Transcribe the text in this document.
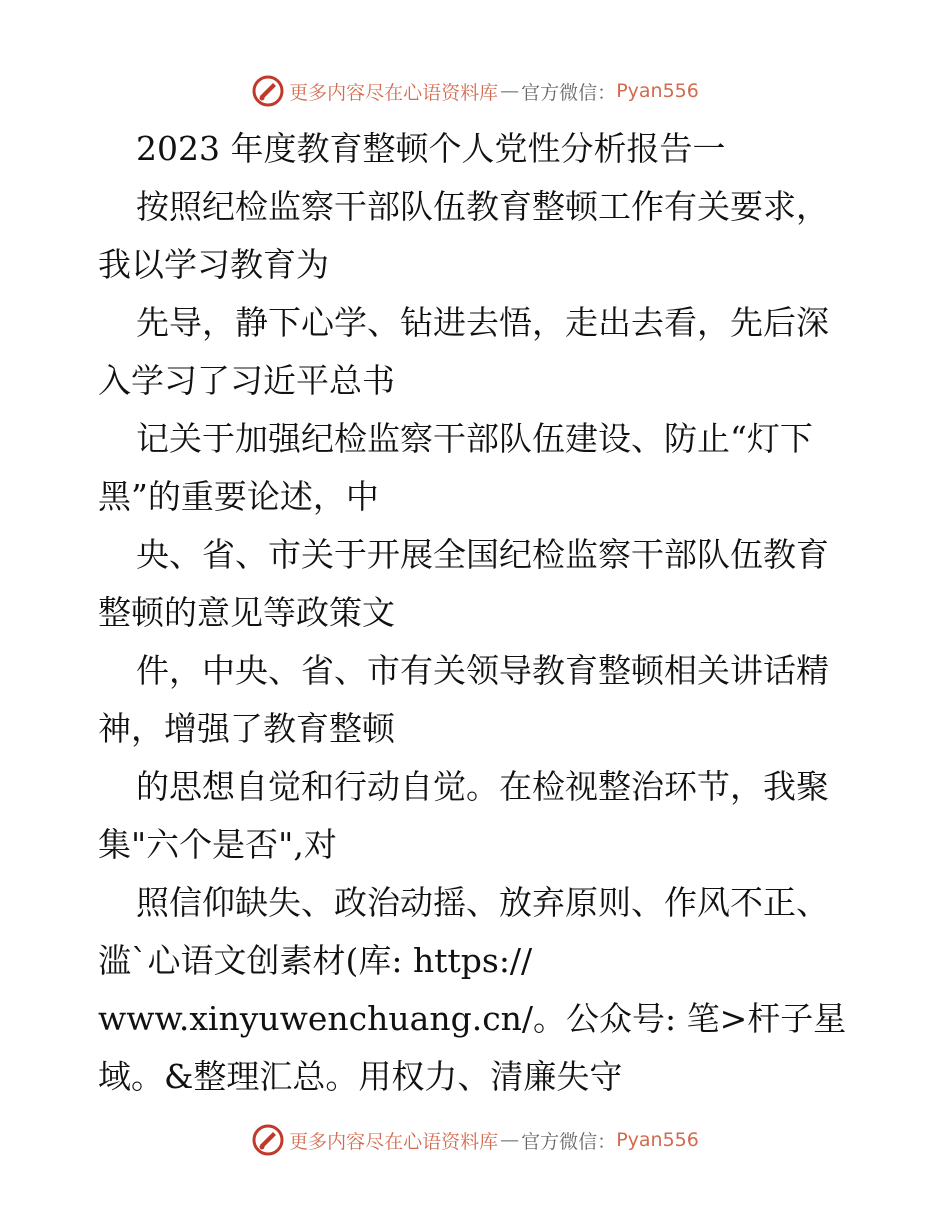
更多内容尽在心语资料库 — 官方微信： Pyan556
2023 年度教育整顿个人党性分析报告一
按照纪检监察干部队伍教育整顿工作有关要求，
我以学习教育为
先导，静下心学、钻进去悟，走出去看，先后深
入学习了习近平总书
记关于加强纪检监察干部队伍建设、防止“灯下
黑”的重要论述，中
央、省、市关于开展全国纪检监察干部队伍教育
整顿的意见等政策文
件，中央、省、市有关领导教育整顿相关讲话精
神，增强了教育整顿
的思想自觉和行动自觉。在检视整治环节，我聚
集"六个是否",对
照信仰缺失、政治动摇、放弃原则、作风不正、
滥`心语文创素材(库: https://
www.xinyuwenchuang.cn/。公众号: 笔>杆子星
域。&整理汇总。用权力、清廉失守
更多内容尽在心语资料库 — 官方微信： Pyan556
